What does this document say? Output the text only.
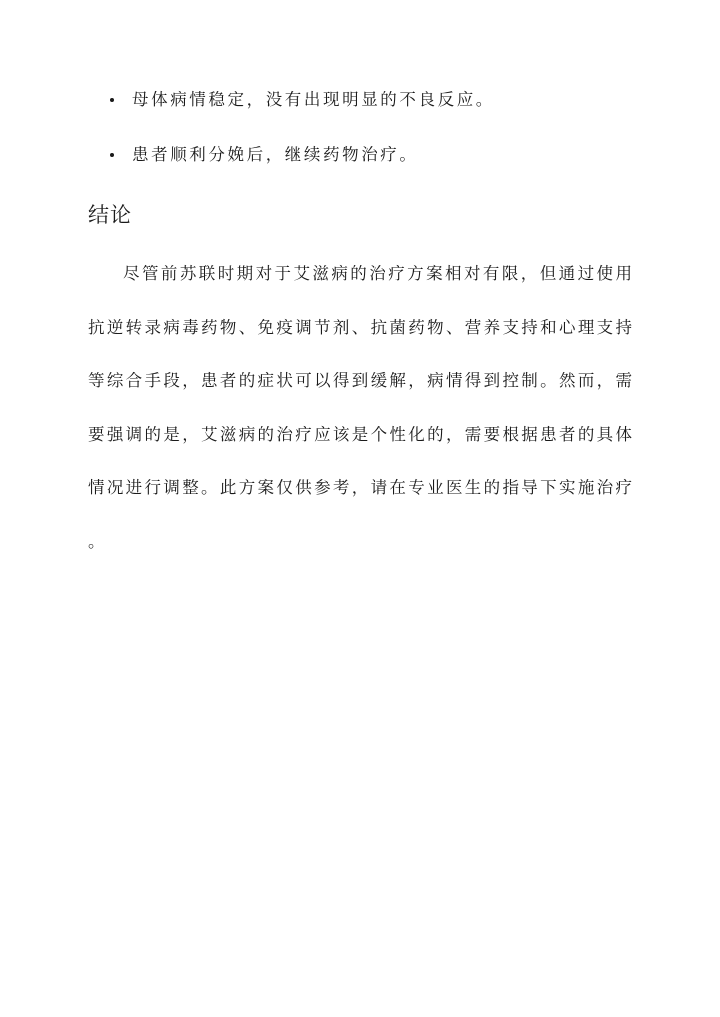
母体病情稳定，没有出现明显的不良反应。
患者顺利分娩后，继续药物治疗。
结论
尽管前苏联时期对于艾滋病的治疗方案相对有限，但通过使用
抗逆转录病毒药物、免疫调节剂、抗菌药物、营养支持和心理支持
等综合手段，患者的症状可以得到缓解，病情得到控制。然而，需
要强调的是，艾滋病的治疗应该是个性化的，需要根据患者的具体
情况进行调整。此方案仅供参考，请在专业医生的指导下实施治疗
。
